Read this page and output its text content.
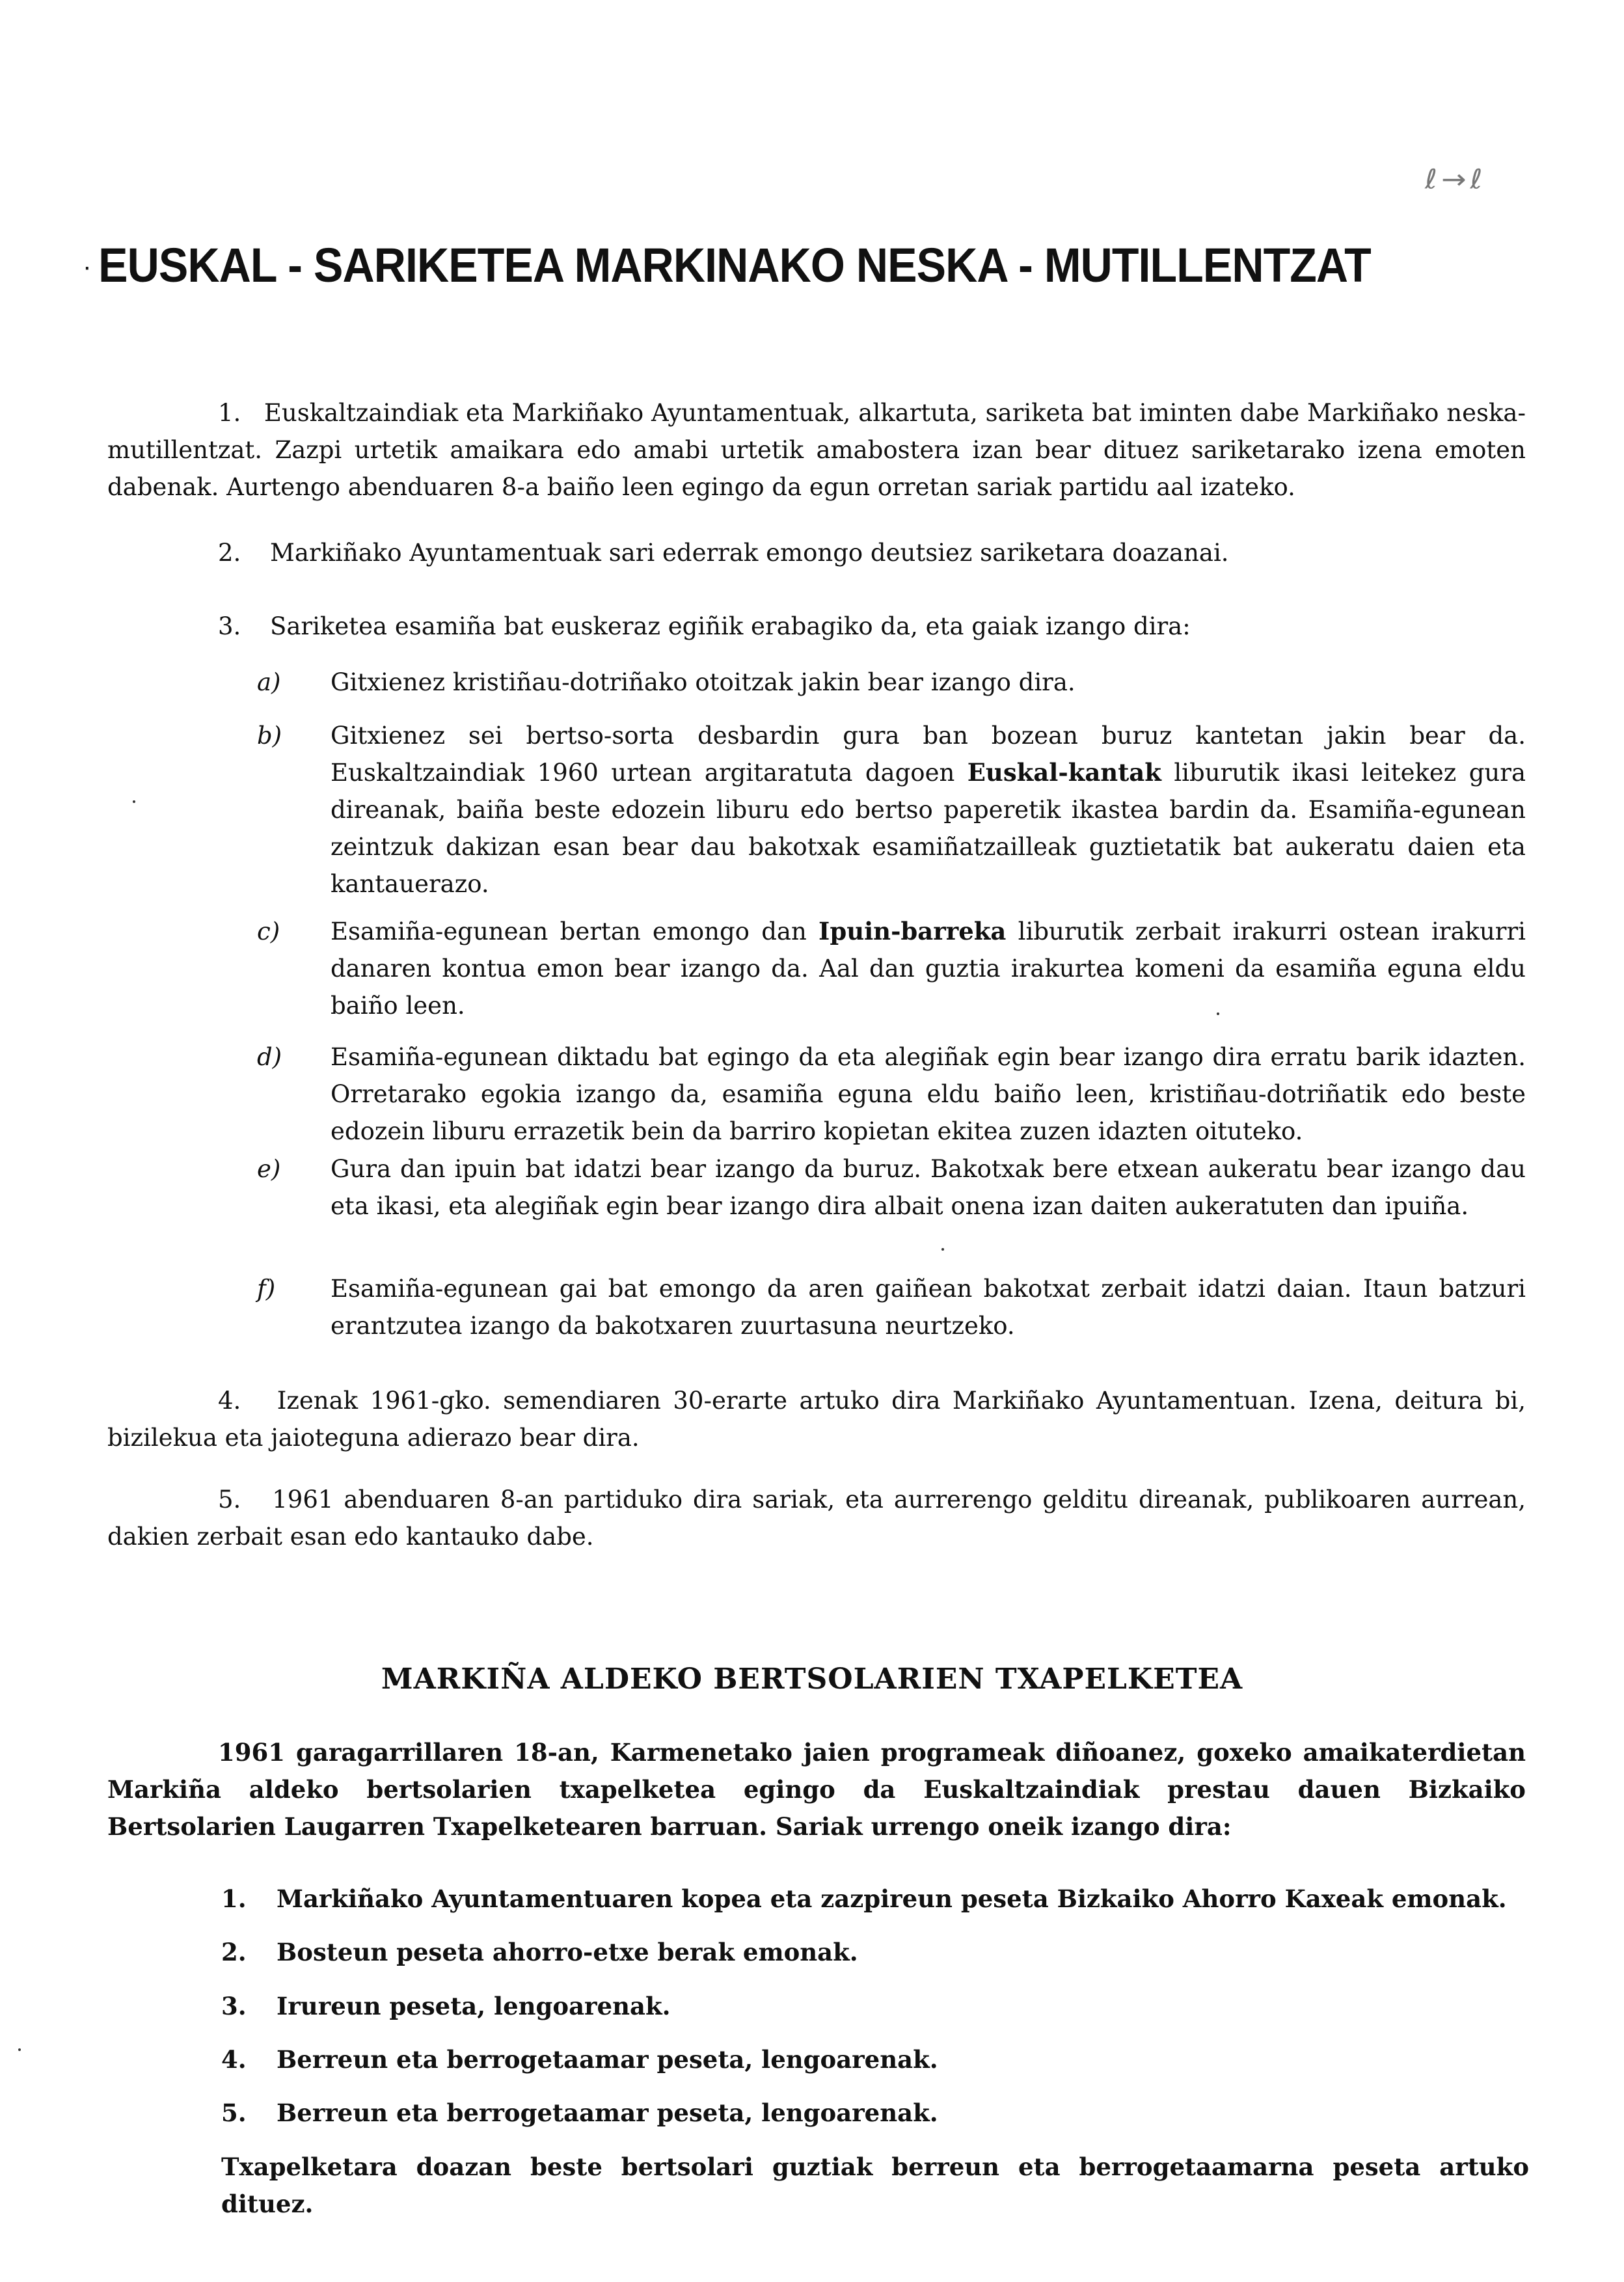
ℓ→ℓ
· EUSKAL - SARIKETEA MARKINAKO NESKA - MUTILLENTZAT

1. Euskaltzaindiak eta Markiñako Ayuntamentuak, alkartuta, sariketa bat iminten dabe Markiñako neska-mutillentzat. Zazpi urtetik amaikara edo amabi urtetik amabostera izan bear dituez sariketarako izena emoten dabenak. Aurtengo abenduaren 8-a baiño leen egingo da egun orretan sariak partidu aal izateko.

2. Markiñako Ayuntamentuak sari ederrak emongo deutsiez sariketara doazanai.

3. Sariketea esamiña bat euskeraz egiñik erabagiko da, eta gaiak izango dira:

a)	Gitxienez kristiñau-dotriñako otoitzak jakin bear izango dira.

b)	Gitxienez sei bertso-sorta desbardin gura ban bozean buruz kantetan jakin bear da. Euskaltzaindiak 1960 urtean argitaratuta dagoen Euskal-kantak liburutik ikasi leitekez gura direanak, baiña beste edozein liburu edo bertso paperetik ikastea bardin da. Esamiña-egunean zeintzuk dakizan esan bear dau bakotxak esamiñatzailleak guztietatik bat aukeratu daien eta kantauerazo.

c)	Esamiña-egunean bertan emongo dan Ipuin-barreka liburutik zerbait irakurri ostean irakurri danaren kontua emon bear izango da. Aal dan guztia irakurtea komeni da esamiña eguna eldu baiño leen.

d)	Esamiña-egunean diktadu bat egingo da eta alegiñak egin bear izango dira erratu barik idazten. Orretarako egokia izango da, esamiña eguna eldu baiño leen, kristiñau-dotriñatik edo beste edozein liburu errazetik bein da barriro kopietan ekitea zuzen idazten oituteko.

e)	Gura dan ipuin bat idatzi bear izango da buruz. Bakotxak bere etxean aukeratu bear izango dau eta ikasi, eta alegiñak egin bear izango dira albait onena izan daiten aukeratuten dan ipuiña.

f)	Esamiña-egunean gai bat emongo da aren gaiñean bakotxat zerbait idatzi daian. Itaun batzuri erantzutea izango da bakotxaren zuurtasuna neurtzeko.

4. Izenak 1961-gko. semendiaren 30-erarte artuko dira Markiñako Ayuntamentuan. Izena, deitura bi, bizilekua eta jaioteguna adierazo bear dira.

5. 1961 abenduaren 8-an partiduko dira sariak, eta aurrerengo gelditu direanak, publikoaren aurrean, dakien zerbait esan edo kantauko dabe.

MARKIÑA ALDEKO BERTSOLARIEN TXAPELKETEA

1961 garagarrillaren 18-an, Karmenetako jaien programeak diñoanez, goxeko amaikaterdietan Markiña aldeko bertsolarien txapelketea egingo da Euskaltzaindiak prestau dauen Bizkaiko Bertsolarien Laugarren Txapelketearen barruan. Sariak urrengo oneik izango dira:

1. Markiñako Ayuntamentuaren kopea eta zazpireun peseta Bizkaiko Ahorro Kaxeak emonak.

2. Bosteun peseta ahorro-etxe berak emonak.

3. Irureun peseta, lengoarenak.

4. Berreun eta berrogetaamar peseta, lengoarenak.

5. Berreun eta berrogetaamar peseta, lengoarenak.

Txapelketara doazan beste bertsolari guztiak berreun eta berrogetaamarna peseta artuko dituez.
